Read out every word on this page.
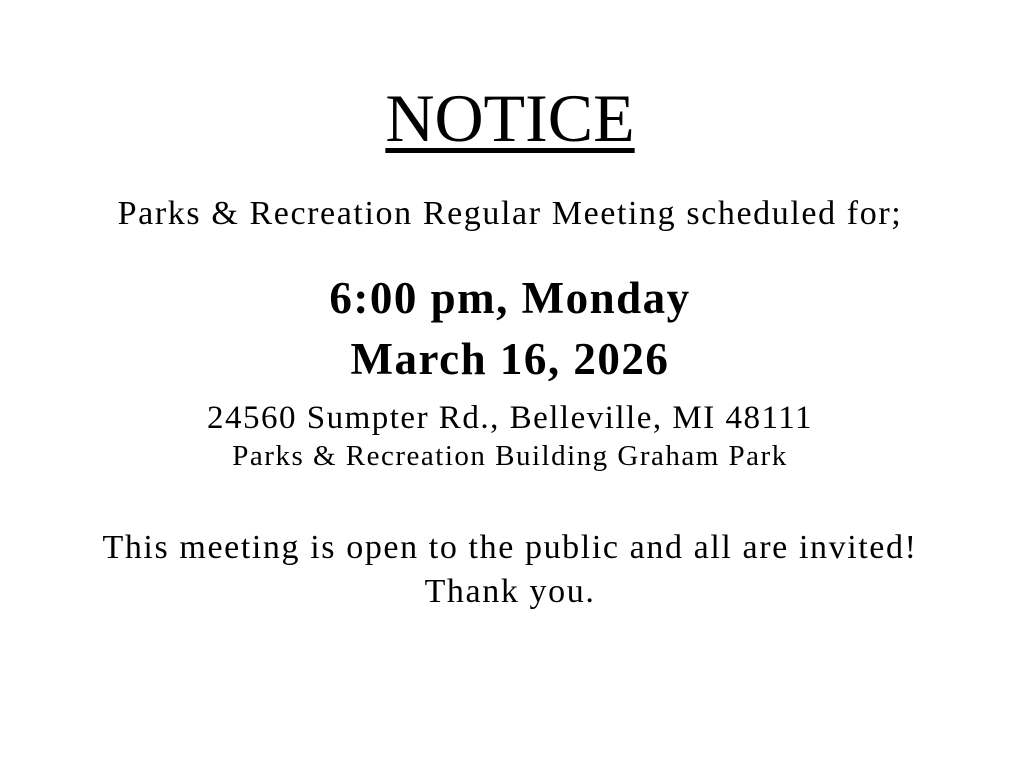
NOTICE
Parks & Recreation Regular Meeting scheduled for;
6:00 pm, Monday
March 16, 2026
24560 Sumpter Rd., Belleville, MI 48111
Parks & Recreation Building Graham Park
This meeting is open to the public and all are invited!
Thank you.
